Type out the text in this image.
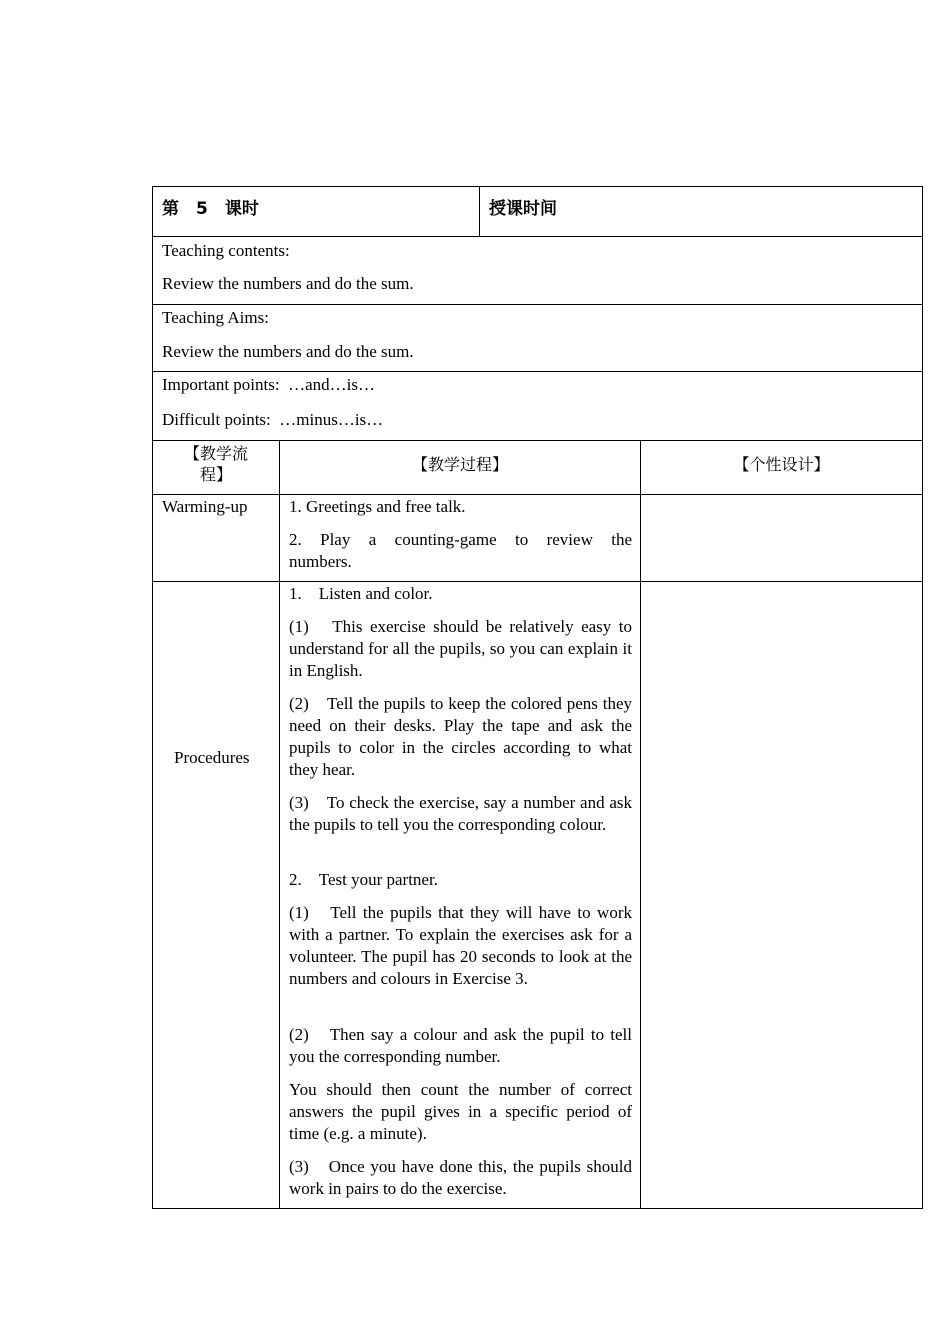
第　5　课时	授课时间
Teaching contents:
Review the numbers and do the sum.
Teaching Aims:
Review the numbers and do the sum.
Important points:  …and…is…
Difficult points:  …minus…is…
【教学流
程】
【教学过程】	【个性设计】
Warming-up 1. Greetings and free talk.
2. Play a counting-game to review the numbers.
Procedures
1.　Listen and color.
(1)　This exercise should be relatively easy to understand for all the pupils, so you can explain it in English.
(2)　Tell the pupils to keep the colored pens they need on their desks. Play the tape and ask the pupils to color in the circles according to what they hear.
(3)　To check the exercise, say a number and ask the pupils to tell you the corresponding colour.
2.　Test your partner.
(1)　Tell the pupils that they will have to work with a partner. To explain the exercises ask for a volunteer. The pupil has 20 seconds to look at the numbers and colours in Exercise 3.
(2)　Then say a colour and ask the pupil to tell you the corresponding number.
You should then count the number of correct answers the pupil gives in a specific period of time (e.g. a minute).
(3)　Once you have done this, the pupils should work in pairs to do the exercise.
